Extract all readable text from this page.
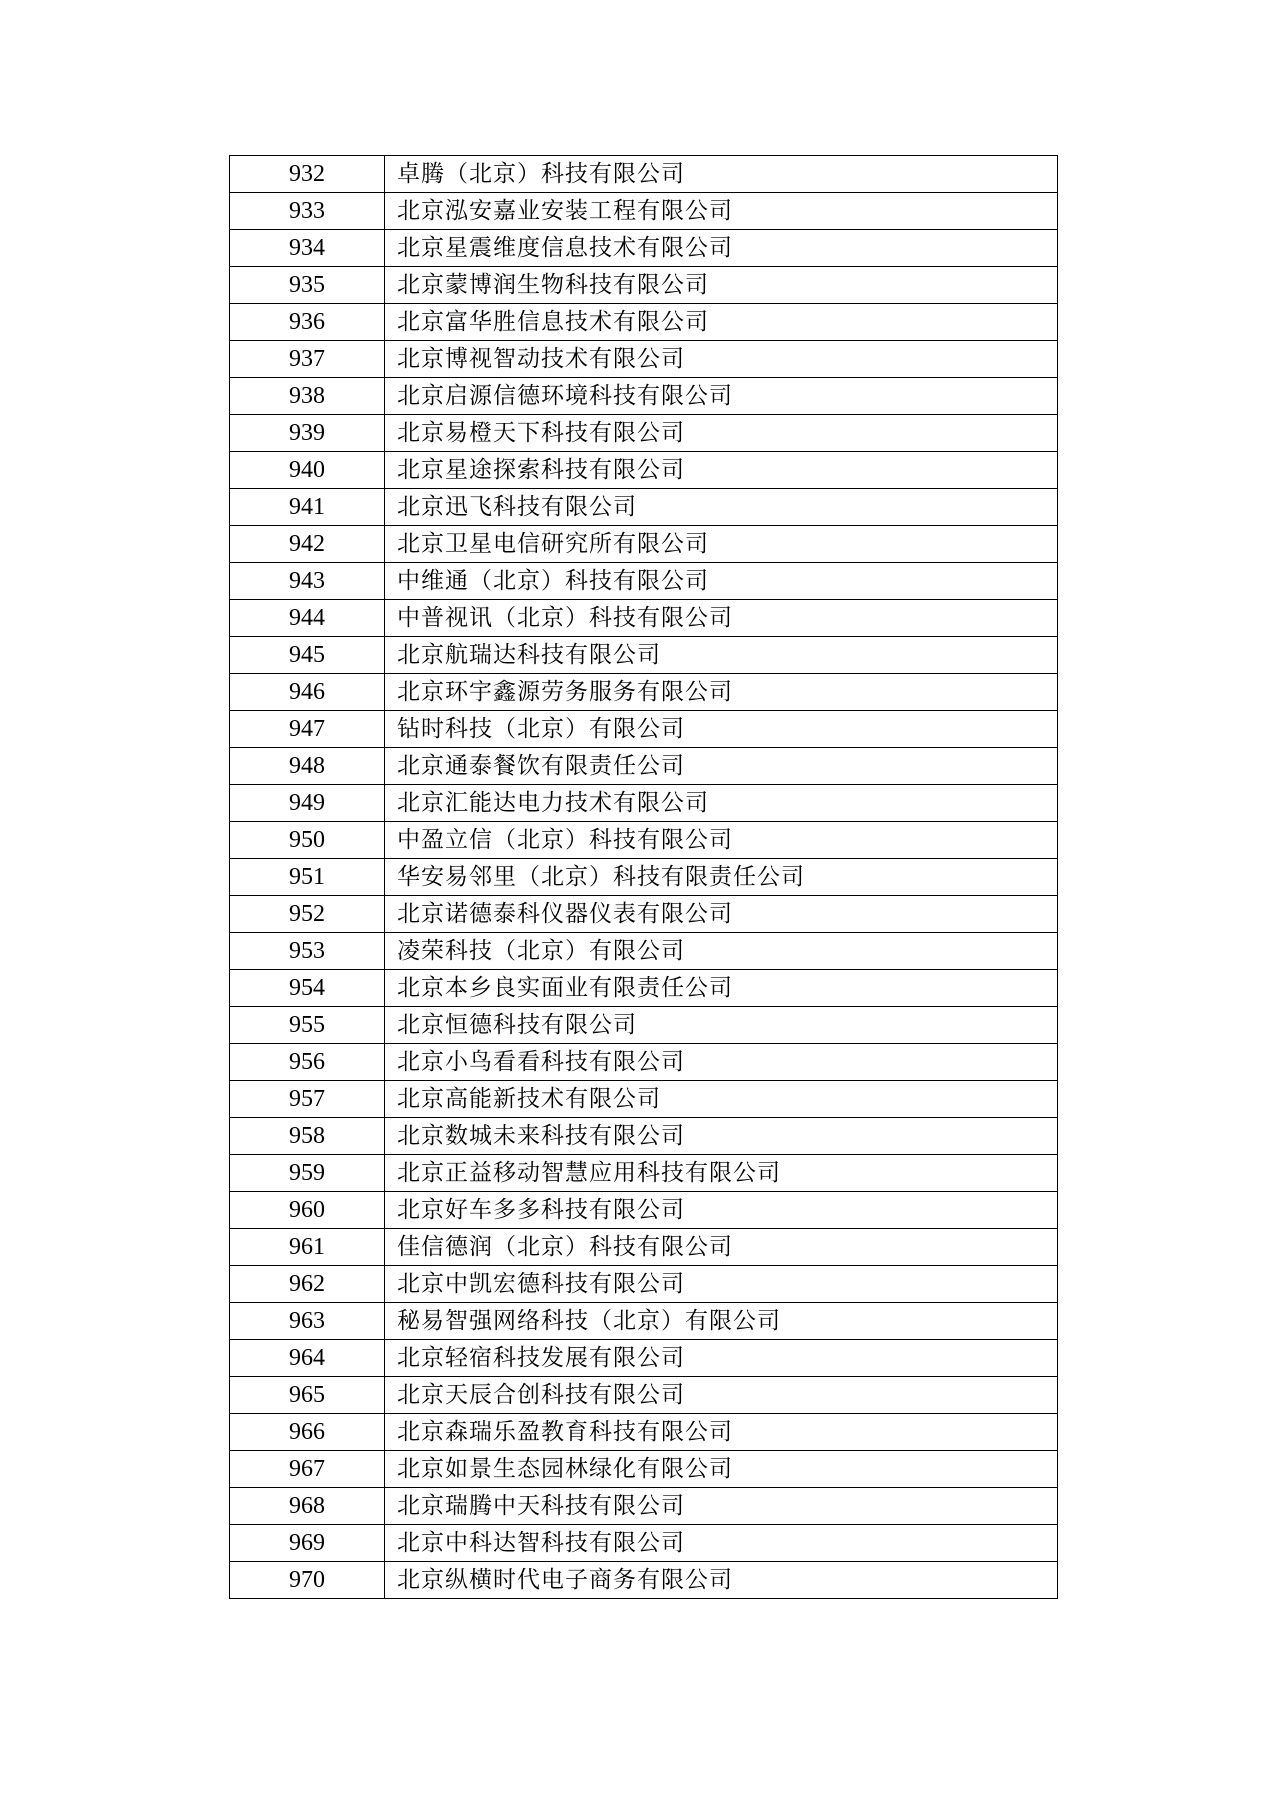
932	卓腾（北京）科技有限公司
933	北京泓安嘉业安装工程有限公司
934	北京星震维度信息技术有限公司
935	北京蒙博润生物科技有限公司
936	北京富华胜信息技术有限公司
937	北京博视智动技术有限公司
938	北京启源信德环境科技有限公司
939	北京易橙天下科技有限公司
940	北京星途探索科技有限公司
941	北京迅飞科技有限公司
942	北京卫星电信研究所有限公司
943	中维通（北京）科技有限公司
944	中普视讯（北京）科技有限公司
945	北京航瑞达科技有限公司
946	北京环宇鑫源劳务服务有限公司
947	钻时科技（北京）有限公司
948	北京通泰餐饮有限责任公司
949	北京汇能达电力技术有限公司
950	中盈立信（北京）科技有限公司
951	华安易邻里（北京）科技有限责任公司
952	北京诺德泰科仪器仪表有限公司
953	凌荣科技（北京）有限公司
954	北京本乡良实面业有限责任公司
955	北京恒德科技有限公司
956	北京小鸟看看科技有限公司
957	北京高能新技术有限公司
958	北京数城未来科技有限公司
959	北京正益移动智慧应用科技有限公司
960	北京好车多多科技有限公司
961	佳信德润（北京）科技有限公司
962	北京中凯宏德科技有限公司
963	秘易智强网络科技（北京）有限公司
964	北京轻宿科技发展有限公司
965	北京天辰合创科技有限公司
966	北京森瑞乐盈教育科技有限公司
967	北京如景生态园林绿化有限公司
968	北京瑞腾中天科技有限公司
969	北京中科达智科技有限公司
970	北京纵横时代电子商务有限公司
